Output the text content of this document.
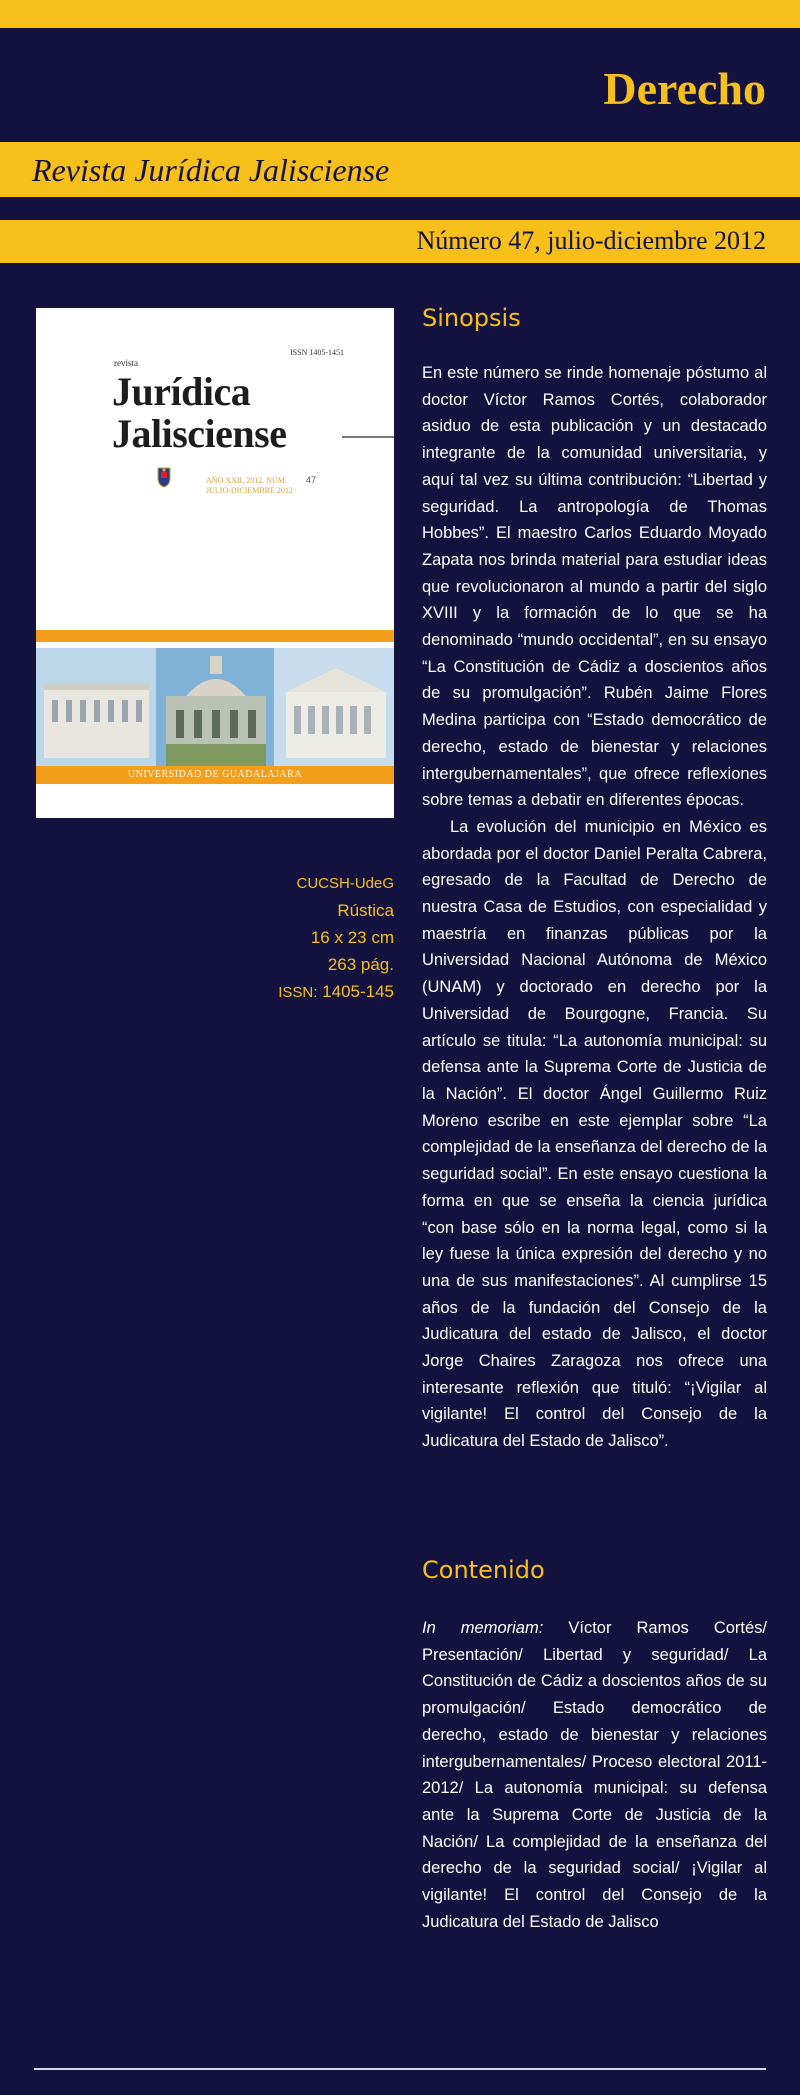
Derecho
Revista Jurídica Jalisciense
Número 47, julio-diciembre 2012
ISSN 1405-1451
revista
Jurídica
Jalisciense
AÑO XXII, 2012. NÚM. 47
JULIO-DICIEMBRE 2012
UNIVERSIDAD DE GUADALAJARA
CUCSH-UdeG
Rústica
16 x 23 cm
263 pág.
ISSN: 1405-145
Sinopsis

En este número se rinde homenaje póstumo al doctor Víctor Ramos Cortés, colaborador asiduo de esta publicación y un destacado integrante de la comunidad universitaria, y aquí tal vez su última contribución: “Libertad y seguridad. La antropología de Thomas Hobbes”. El maestro Carlos Eduardo Moyado Zapata nos brinda material para estudiar ideas que revolucionaron al mundo a partir del siglo XVIII y la formación de lo que se ha denominado “mundo occidental”, en su ensayo “La Constitución de Cádiz a doscientos años de su promulgación”. Rubén Jaime Flores Medina participa con “Estado democrático de derecho, estado de bienestar y relaciones intergubernamentales”, que ofrece reflexiones sobre temas a debatir en diferentes épocas.

La evolución del municipio en México es abordada por el doctor Daniel Peralta Cabrera, egresado de la Facultad de Derecho de nuestra Casa de Estudios, con especialidad y maestría en finanzas públicas por la Universidad Nacional Autónoma de México (UNAM) y doctorado en derecho por la Universidad de Bourgogne, Francia. Su artículo se titula: “La autonomía municipal: su defensa ante la Suprema Corte de Justicia de la Nación”. El doctor Ángel Guillermo Ruiz Moreno escribe en este ejemplar sobre “La complejidad de la enseñanza del derecho de la seguridad social”. En este ensayo cuestiona la forma en que se enseña la ciencia jurídica “con base sólo en la norma legal, como si la ley fuese la única expresión del derecho y no una de sus manifestaciones”. Al cumplirse 15 años de la fundación del Consejo de la Judicatura del estado de Jalisco, el doctor Jorge Chaires Zaragoza nos ofrece una interesante reflexión que tituló: “¡Vigilar al vigilante! El control del Consejo de la Judicatura del Estado de Jalisco”.

Contenido

In memoriam: Víctor Ramos Cortés/ Presentación/ Libertad y seguridad/ La Constitución de Cádiz a doscientos años de su promulgación/ Estado democrático de derecho, estado de bienestar y relaciones intergubernamentales/ Proceso electoral 2011-2012/ La autonomía municipal: su defensa ante la Suprema Corte de Justicia de la Nación/ La complejidad de la enseñanza del derecho de la seguridad social/ ¡Vigilar al vigilante! El control del Consejo de la Judicatura del Estado de Jalisco
